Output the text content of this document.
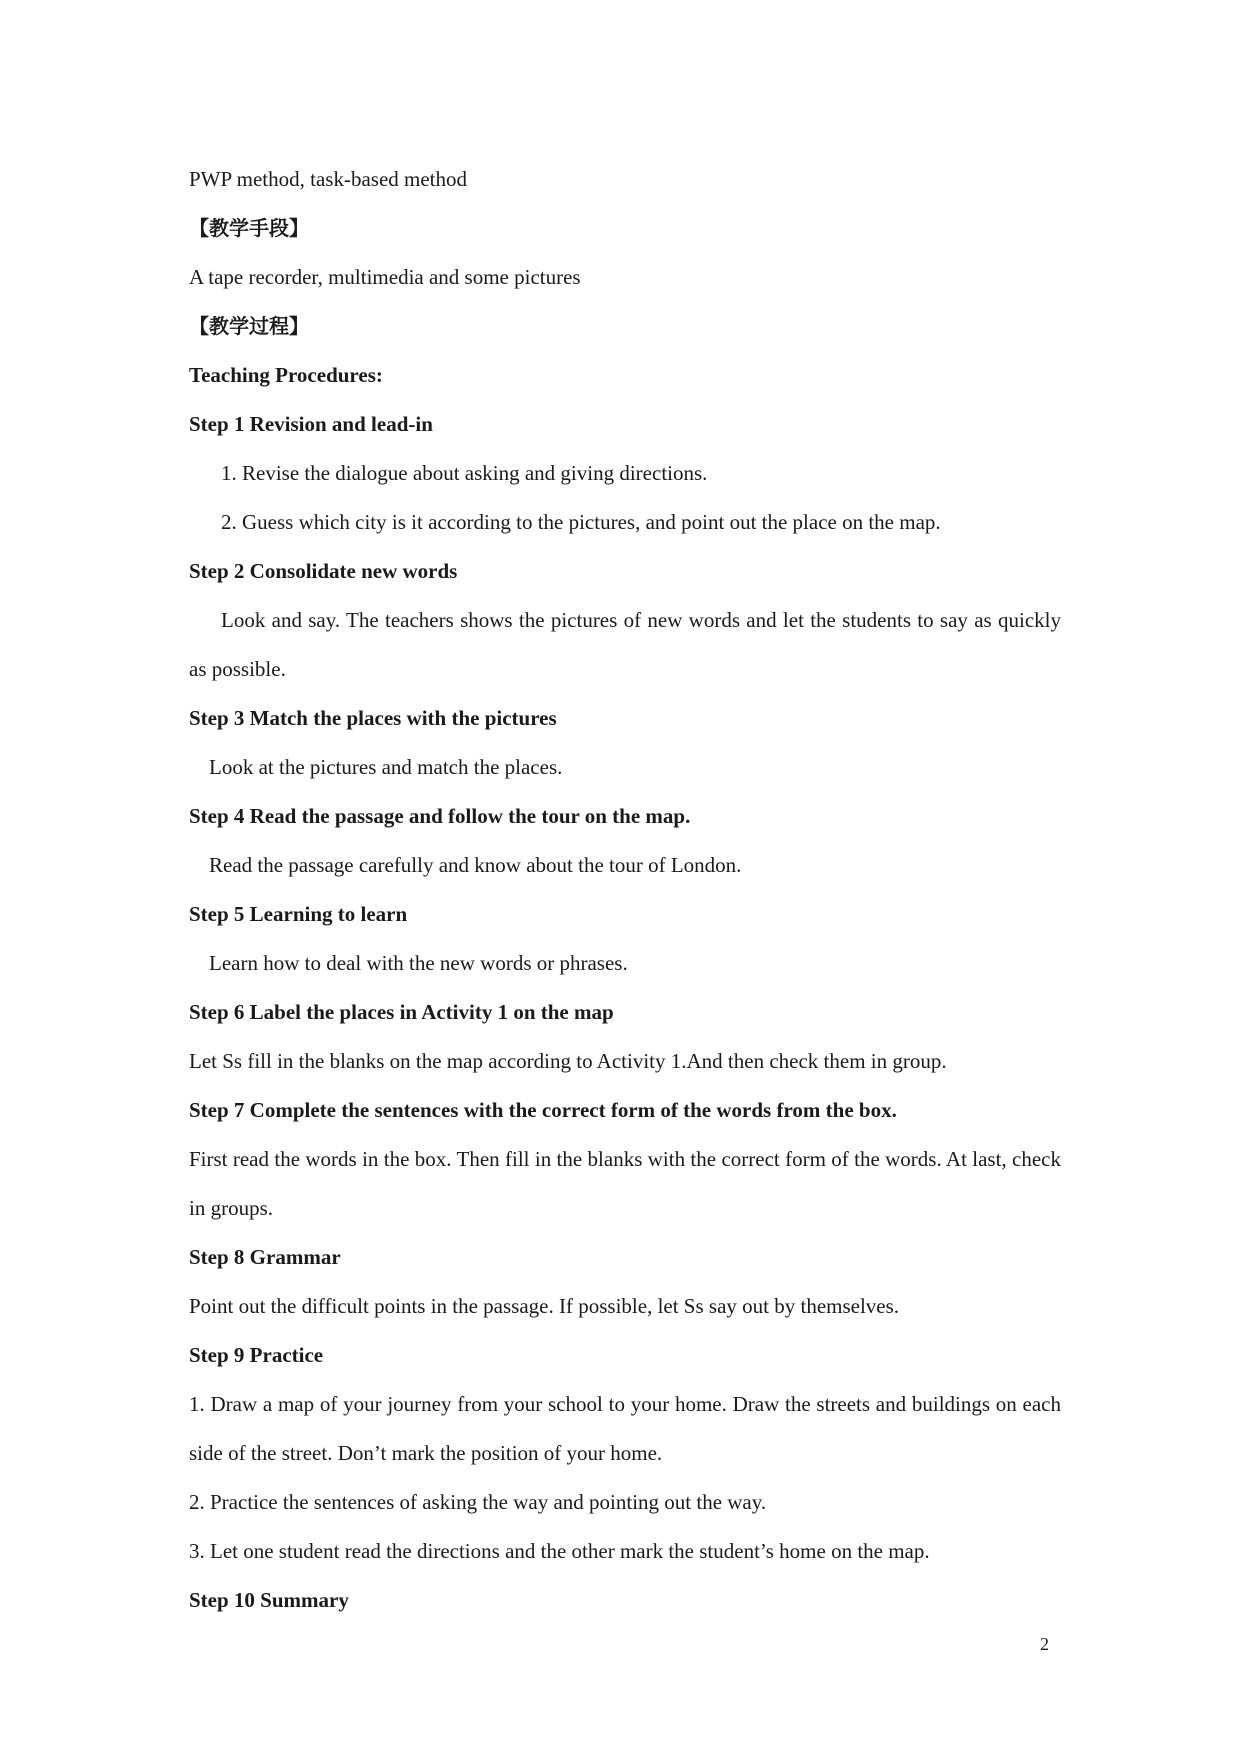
PWP method, task-based method
【教学手段】
A tape recorder, multimedia and some pictures
【教学过程】
Teaching Procedures:
Step 1 Revision and lead-in
1. Revise the dialogue about asking and giving directions.
2. Guess which city is it according to the pictures, and point out the place on the map.
Step 2 Consolidate new words
Look and say. The teachers shows the pictures of new words and let the students to say as quickly as possible.
Step 3 Match the places with the pictures
Look at the pictures and match the places.
Step 4 Read the passage and follow the tour on the map.
Read the passage carefully and know about the tour of London.
Step 5 Learning to learn
Learn how to deal with the new words or phrases.
Step 6 Label the places in Activity 1 on the map
Let Ss fill in the blanks on the map according to Activity 1.And then check them in group.
Step 7 Complete the sentences with the correct form of the words from the box.
First read the words in the box. Then fill in the blanks with the correct form of the words. At last, check in groups.
Step 8 Grammar
Point out the difficult points in the passage. If possible, let Ss say out by themselves.
Step 9 Practice
1. Draw a map of your journey from your school to your home. Draw the streets and buildings on each side of the street. Don’t mark the position of your home.
2. Practice the sentences of asking the way and pointing out the way.
3. Let one student read the directions and the other mark the student’s home on the map.
Step 10 Summary
2
